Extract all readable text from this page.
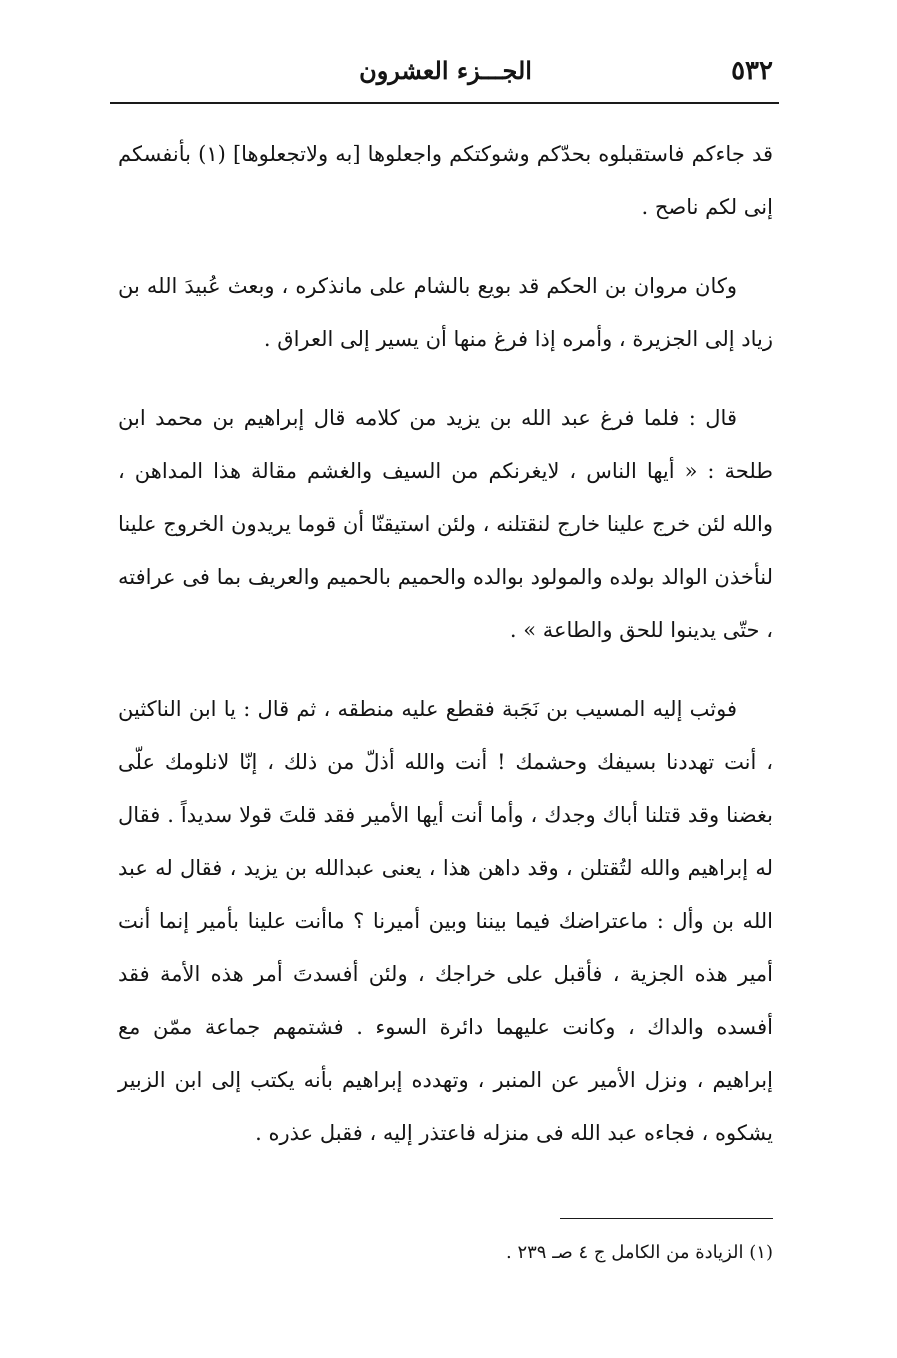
٥٣٢
الجـــزء العشرون

قد جاءكم فاستقبلوه بحدّكم وشوكتكم واجعلوها [به ولاتجعلوها] (١) بأنفسكم إنى لكم ناصح .

وكان مروان بن الحكم قد بويع بالشام على مانذكره ، وبعث عُبيدَ الله بن زياد إلى الجزيرة ، وأمره إذا فرغ منها أن يسير إلى العراق .

قال : فلما فرغ عبد الله بن يزيد من كلامه قال إبراهيم بن محمد ابن طلحة : « أيها الناس ، لايغرنكم من السيف والغشم مقالة هذا المداهن ، والله لئن خرج علينا خارج لنقتلنه ، ولئن استيقنّا أن قوما يريدون الخروج علينا لنأخذن الوالد بولده والمولود بوالده والحميم بالحميم والعريف بما فى عرافته ، حتّى يدينوا للحق والطاعة » .

فوثب إليه المسيب بن نَجَبة فقطع عليه منطقه ، ثم قال : يا ابن الناكثين ، أنت تهددنا بسيفك وحشمك ! أنت والله أذلّ من ذلك ، إنّا لانلومك علّى بغضنا وقد قتلنا أباك وجدك ، وأما أنت أيها الأمير فقد قلتَ قولا سديداً . فقال له إبراهيم والله لتُقتلن ، وقد داهن هذا ، يعنى عبدالله بن يزيد ، فقال له عبد الله بن وأل : ماعتراضك فيما بيننا وبين أميرنا ؟ ماأنت علينا بأمير إنما أنت أمير هذه الجزية ، فأقبل على خراجك ، ولئن أفسدتَ أمر هذه الأمة فقد أفسده والداك ، وكانت عليهما دائرة السوء . فشتمهم جماعة ممّن مع إبراهيم ، ونزل الأمير عن المنبر ، وتهدده إبراهيم بأنه يكتب إلى ابن الزبير يشكوه ، فجاءه عبد الله فى منزله فاعتذر إليه ، فقبل عذره .

(١) الزيادة من الكامل ج ٤ صـ ٢٣٩ .
